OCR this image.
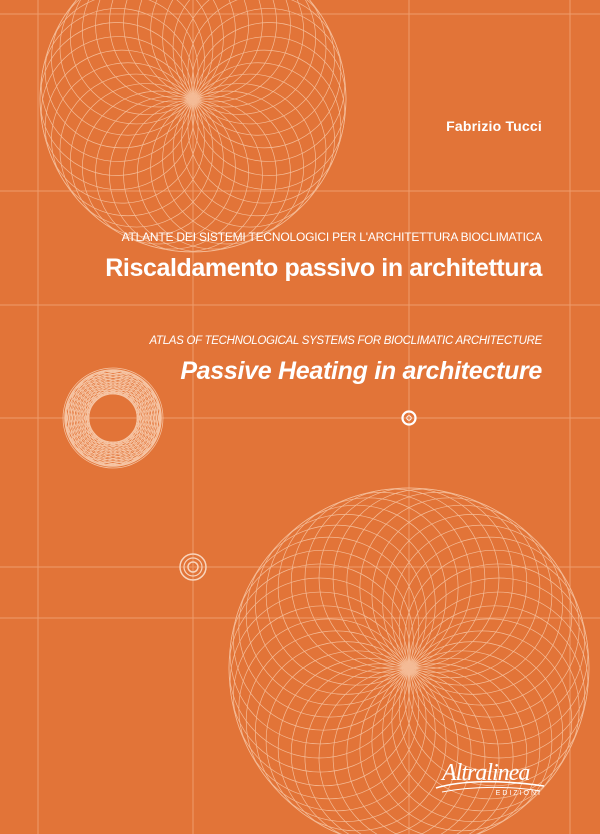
Fabrizio Tucci
ATLANTE DEI SISTEMI TECNOLOGICI PER L'ARCHITETTURA BIOCLIMATICA
Riscaldamento passivo in architettura
ATLAS OF TECHNOLOGICAL SYSTEMS FOR BIOCLIMATIC ARCHITECTURE
Passive Heating in architecture
Altralinea
EDIZIONI
